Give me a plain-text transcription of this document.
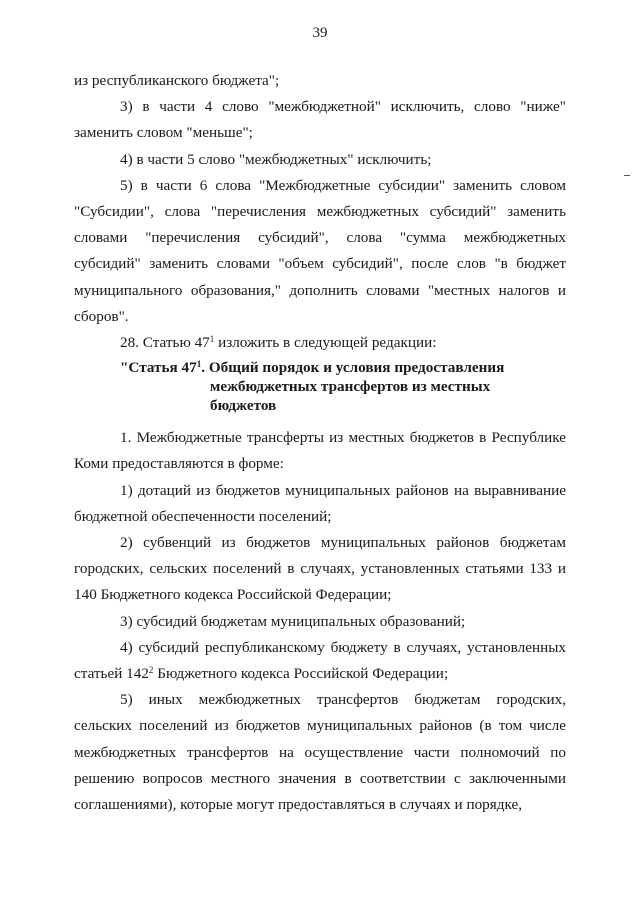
39

из республиканского бюджета";

3) в части 4 слово "межбюджетной" исключить, слово "ниже" заменить словом "меньше";

4) в части 5 слово "межбюджетных" исключить;

5) в части 6 слова "Межбюджетные субсидии" заменить словом "Субсидии", слова "перечисления межбюджетных субсидий" заменить словами "перечисления субсидий", слова "сумма межбюджетных субсидий" заменить словами "объем субсидий", после слов "в бюджет муниципального образования," дополнить словами "местных налогов и сборов".

28. Статью $47^1$ изложить в следующей редакции:

"Статья $47^1$. Общий порядок и условия предоставления
межбюджетных трансфертов из местных
бюджетов

1. Межбюджетные трансферты из местных бюджетов в Республике Коми предоставляются в форме:

1) дотаций из бюджетов муниципальных районов на выравнивание бюджетной обеспеченности поселений;

2) субвенций из бюджетов муниципальных районов бюджетам городских, сельских поселений в случаях, установленных статьями 133 и 140 Бюджетного кодекса Российской Федерации;

3) субсидий бюджетам муниципальных образований;

4) субсидий республиканскому бюджету в случаях, установленных статьей $142^2$ Бюджетного кодекса Российской Федерации;

5) иных межбюджетных трансфертов бюджетам городских, сельских поселений из бюджетов муниципальных районов (в том числе межбюджетных трансфертов на осуществление части полномочий по решению вопросов местного значения в соответствии с заключенными соглашениями), которые могут предоставляться в случаях и порядке,
